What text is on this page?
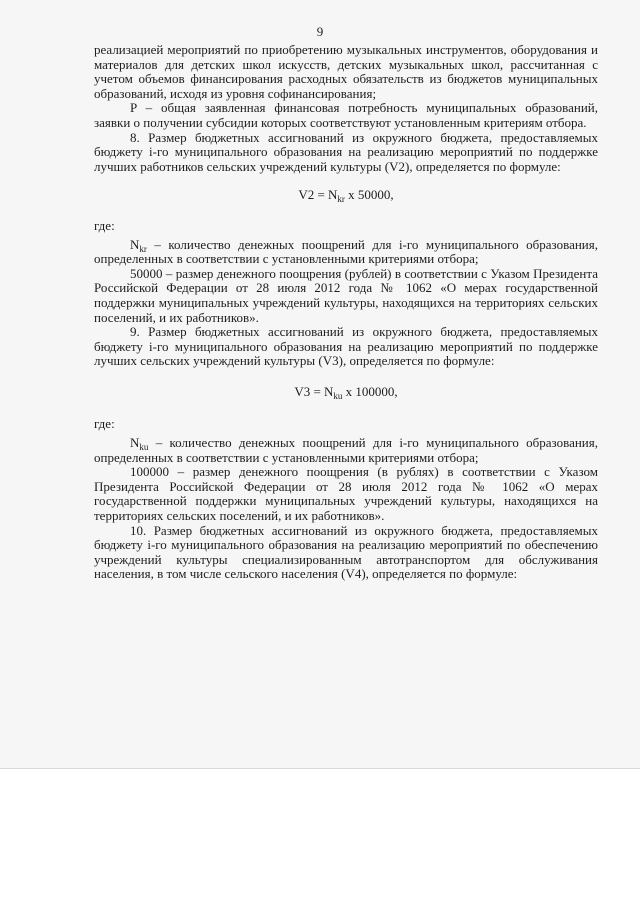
9

реализацией мероприятий по приобретению музыкальных инструментов, оборудования и материалов для детских школ искусств, детских музыкальных школ, рассчитанная с учетом объемов финансирования расходных обязательств из бюджетов муниципальных образований, исходя из уровня софинансирования;

P – общая заявленная финансовая потребность муниципальных образований, заявки о получении субсидии которых соответствуют установленным критериям отбора.

8. Размер бюджетных ассигнований из окружного бюджета, предоставляемых бюджету i-го муниципального образования на реализацию мероприятий по поддержке лучших работников сельских учреждений культуры (V2), определяется по формуле:

$V2 = N_{kr}$ х 50000,

где:

$N_{kr}$ – количество денежных поощрений для i-го муниципального образования, определенных в соответствии с установленными критериями отбора;

50000 – размер денежного поощрения (рублей) в соответствии с Указом Президента Российской Федерации от 28 июля 2012 года № 1062 «О мерах государственной поддержки муниципальных учреждений культуры, находящихся на территориях сельских поселений, и их работников».

9. Размер бюджетных ассигнований из окружного бюджета, предоставляемых бюджету i-го муниципального образования на реализацию мероприятий по поддержке лучших сельских учреждений культуры (V3), определяется по формуле:

$V3 = N_{ku}$ х 100000,

где:

$N_{ku}$ – количество денежных поощрений для i-го муниципального образования, определенных в соответствии с установленными критериями отбора;

100000 – размер денежного поощрения (в рублях) в соответствии с Указом Президента Российской Федерации от 28 июля 2012 года № 1062 «О мерах государственной поддержки муниципальных учреждений культуры, находящихся на территориях сельских поселений, и их работников».

10. Размер бюджетных ассигнований из окружного бюджета, предоставляемых бюджету i-го муниципального образования на реализацию мероприятий по обеспечению учреждений культуры специализированным автотранспортом для обслуживания населения, в том числе сельского населения (V4), определяется по формуле:
